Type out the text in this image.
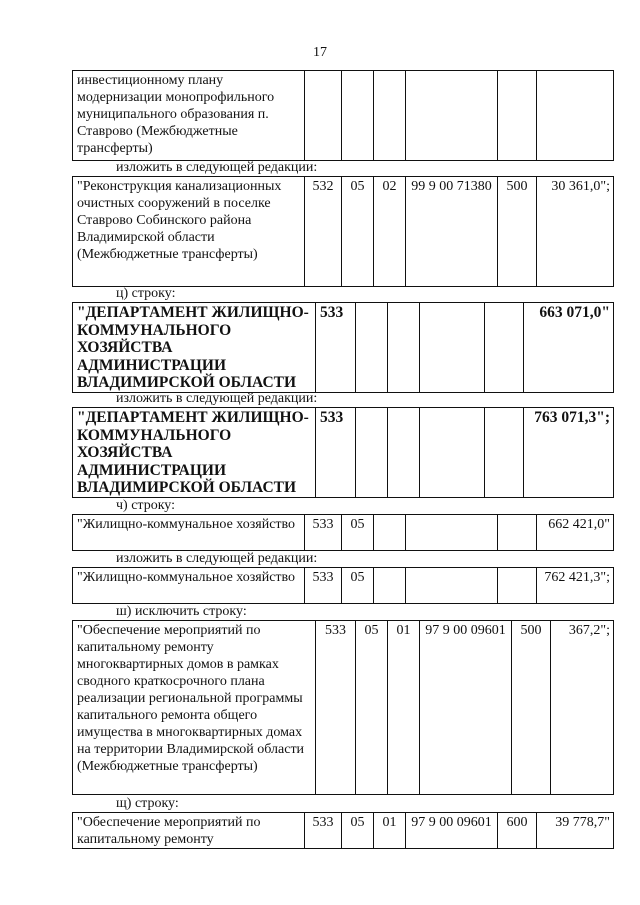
17
инвестиционному плану модернизации монопрофильного муниципального образования п. Ставрово (Межбюджетные трансферты)						
изложить в следующей редакции:
"Реконструкция канализационных очистных сооружений в поселке Ставрово Собинского района Владимирской области (Межбюджетные трансферты)	532	05	02	99 9 00 71380	500	30 361,0";
ц) строку:
"ДЕПАРТАМЕНТ ЖИЛИЩНО-КОММУНАЛЬНОГО ХОЗЯЙСТВА АДМИНИСТРАЦИИ ВЛАДИМИРСКОЙ ОБЛАСТИ	533					663 071,0"
изложить в следующей редакции:
"ДЕПАРТАМЕНТ ЖИЛИЩНО-КОММУНАЛЬНОГО ХОЗЯЙСТВА АДМИНИСТРАЦИИ ВЛАДИМИРСКОЙ ОБЛАСТИ	533					763 071,3";
ч) строку:
"Жилищно-коммунальное хозяйство	533	05				662 421,0"
изложить в следующей редакции:
"Жилищно-коммунальное хозяйство	533	05				762 421,3";
ш) исключить строку:
"Обеспечение мероприятий по капитальному ремонту многоквартирных домов в рамках сводного краткосрочного плана реализации региональной программы капитального ремонта общего имущества в многоквартирных домах на территории Владимирской области (Межбюджетные трансферты)	533	05	01	97 9 00 09601	500	367,2";
щ) строку:
"Обеспечение мероприятий по капитальному ремонту	533	05	01	97 9 00 09601	600	39 778,7"
